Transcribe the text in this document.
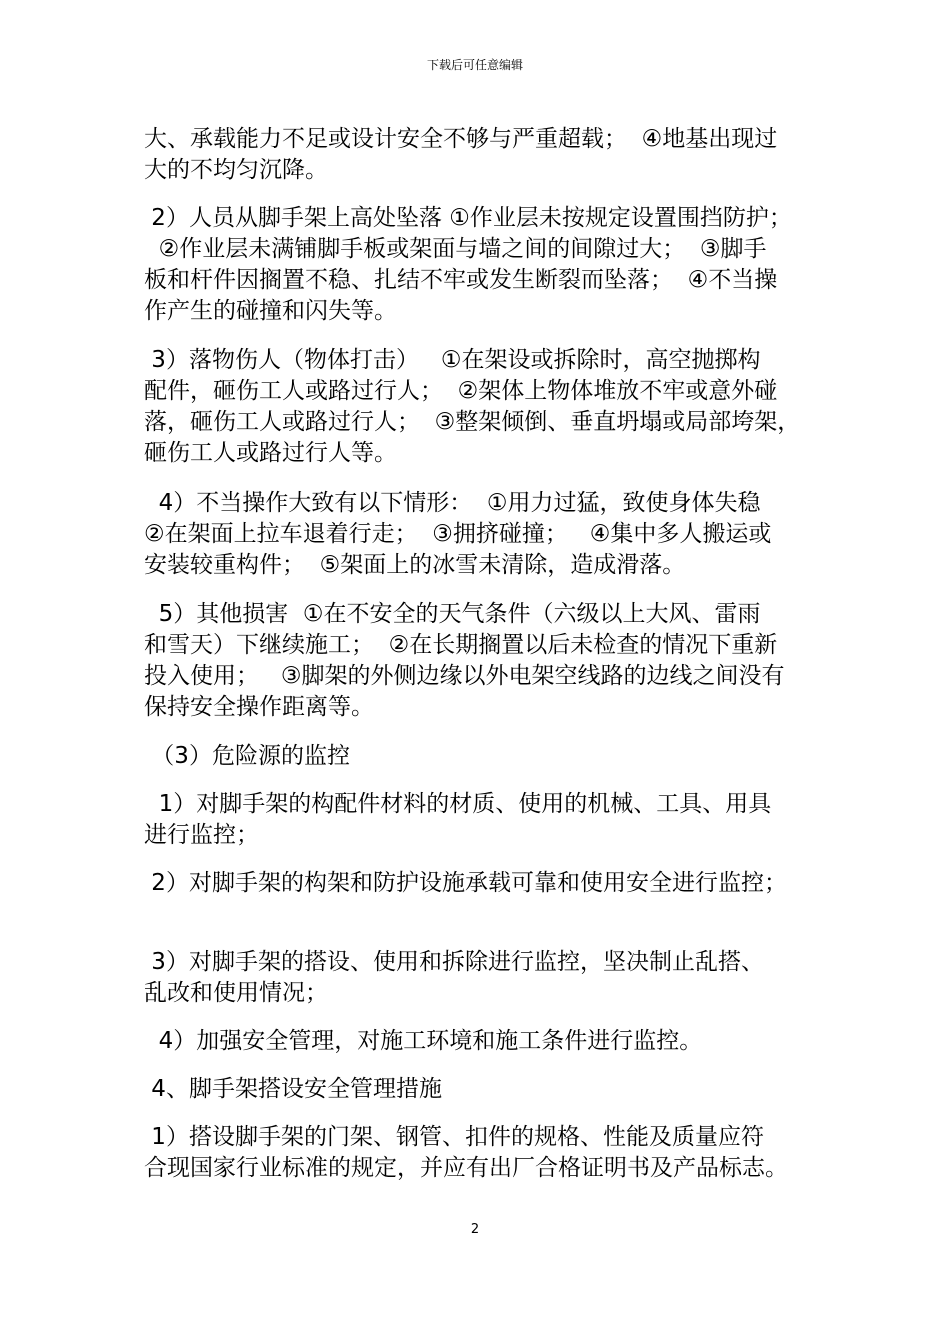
下载后可任意编辑
大、承载能力不足或设计安全不够与严重超载；  ④地基出现过
大的不均匀沉降。
2）人员从脚手架上高处坠落 ①作业层未按规定设置围挡防护；
②作业层未满铺脚手板或架面与墙之间的间隙过大；  ③脚手
板和杆件因搁置不稳、扎结不牢或发生断裂而坠落；  ④不当操
作产生的碰撞和闪失等。
3）落物伤人（物体打击）   ①在架设或拆除时，高空抛掷构
配件，砸伤工人或路过行人；  ②架体上物体堆放不牢或意外碰
落，砸伤工人或路过行人；  ③整架倾倒、垂直坍塌或局部垮架，
砸伤工人或路过行人等。
4）不当操作大致有以下情形：  ①用力过猛，致使身体失稳
②在架面上拉车退着行走；  ③拥挤碰撞；   ④集中多人搬运或
安装较重构件；  ⑤架面上的冰雪未清除，造成滑落。
5）其他损害  ①在不安全的天气条件（六级以上大风、雷雨
和雪天）下继续施工；  ②在长期搁置以后未检查的情况下重新
投入使用；   ③脚架的外侧边缘以外电架空线路的边线之间没有
保持安全操作距离等。
（3）危险源的监控
1）对脚手架的构配件材料的材质、使用的机械、工具、用具
进行监控；
2）对脚手架的构架和防护设施承载可靠和使用安全进行监控；
3）对脚手架的搭设、使用和拆除进行监控，坚决制止乱搭、
乱改和使用情况；
4）加强安全管理，对施工环境和施工条件进行监控。
4、脚手架搭设安全管理措施
1）搭设脚手架的门架、钢管、扣件的规格、性能及质量应符
合现国家行业标准的规定，并应有出厂合格证明书及产品标志。
2
